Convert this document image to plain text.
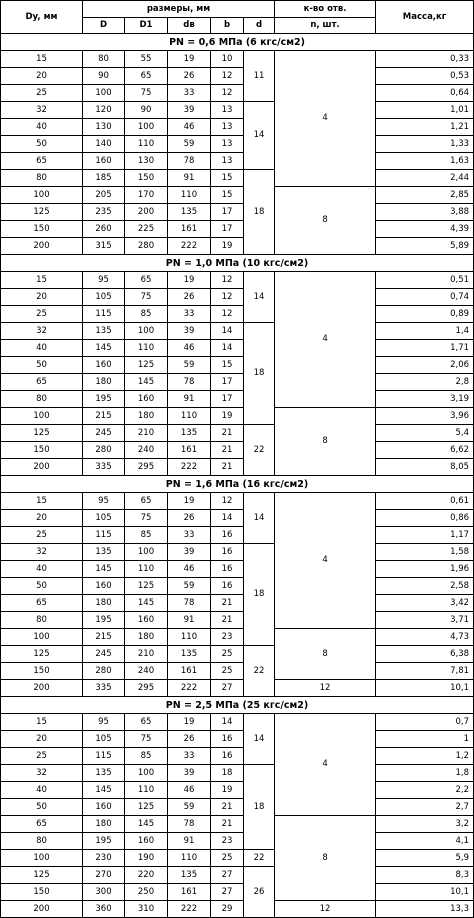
Dy, мм	размеры, мм					к-во отв.	Масса,кг
	D	D1	dв	b	d	n, шт.	
PN = 0,6 МПа (6 кгс/см2)							
15	80	55	19	10	11	4	0,33
20	90	65	26	12			0,53
25	100	75	33	12			0,64
32	120	90	39	13	14		1,01
40	130	100	46	13			1,21
50	140	110	59	13			1,33
65	160	130	78	13			1,63
80	185	150	91	15	18		2,44
100	205	170	110	15		8	2,85
125	235	200	135	17			3,88
150	260	225	161	17			4,39
200	315	280	222	19			5,89
PN = 1,0 МПа (10 кгс/см2)							
15	95	65	19	12	14	4	0,51
20	105	75	26	12			0,74
25	115	85	33	12			0,89
32	135	100	39	14	18		1,4
40	145	110	46	14			1,71
50	160	125	59	15			2,06
65	180	145	78	17			2,8
80	195	160	91	17			3,19
100	215	180	110	19		8	3,96
125	245	210	135	21	22		5,4
150	280	240	161	21			6,62
200	335	295	222	21			8,05
PN = 1,6 МПа (16 кгс/см2)							
15	95	65	19	12	14	4	0,61
20	105	75	26	14			0,86
25	115	85	33	16			1,17
32	135	100	39	16	18		1,58
40	145	110	46	16			1,96
50	160	125	59	16			2,58
65	180	145	78	21			3,42
80	195	160	91	21			3,71
100	215	180	110	23		8	4,73
125	245	210	135	25	22		6,38
150	280	240	161	25			7,81
200	335	295	222	27		12	10,1
PN = 2,5 МПа (25 кгс/см2)							
15	95	65	19	14	14	4	0,7
20	105	75	26	16			1
25	115	85	33	16			1,2
32	135	100	39	18	18		1,8
40	145	110	46	19			2,2
50	160	125	59	21			2,7
65	180	145	78	21		8	3,2
80	195	160	91	23			4,1
100	230	190	110	25	22		5,9
125	270	220	135	27	26		8,3
150	300	250	161	27			10,1
200	360	310	222	29		12	13,3
